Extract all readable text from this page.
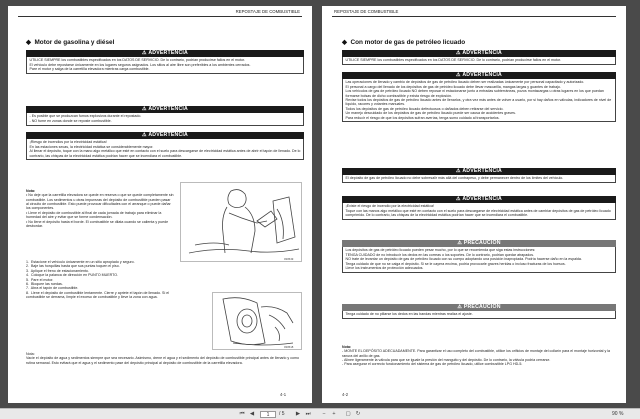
REPOSTAJE DE COMBUSTIBLE
◆  Motor de gasolina y diésel
⚠ ADVERTENCIA
UTILICE SIEMPRE los combustibles especificados en los DATOS DE SERVICIO. De lo contrario, podrían producirse fallos en el motor.
El vehículo debe repostarse únicamente en los lugares seguros asignados. Los sitios al aire libre son preferibles a los ambientes cerrados.
Pare el motor y salga de la carretilla elevadora mientras carga combustible.
⚠ ADVERTENCIA
- Es posible que se produzcan fumos explosivos durante el repostado.
- NO fume en zonas donde se reposte combustible.
⚠ ADVERTENCIA
¡Riesgo de incendios por la electricidad estática!
En las estaciones secas, la electricidad estática se considerablemente mayor.
Al llenar el depósito, toque con la mano algo metálico que esté en contacto con el suelo para descargarse de electricidad estática antes de abrir el tapón de llenado. De lo contrario, las chispas de la electricidad estática podrían hacer que se incendiara el combustible.

Nota:
• No deje que la carretilla elevadora se quede en reserva o que se quede completamente sin combustible. Los sedimentos u otras impurezas del depósito de combustible pueden pasar al circuito de combustible. Esto puede provocar dificultades con el arranque o puede dañar los componentes.
• Llene el depósito de combustible al final de cada jornada de trabajo para eliminar la humedad del aire y evitar que se forme condensación.
• No llene el depósito hasta el borde. El combustible se dilata cuando se calienta y puede desbordar.

1.  Estacione el vehículo únicamente en un sitio apropiado y seguro.
2.  Baje las horquillas hasta que sus puntas toquen el piso.
3.  Aplique el freno de estacionamiento.
4.  Coloque la palanca de dirección en PUNTO MUERTO.
5.  Pare el motor.
6.  Bloquee las ruedas.
7.  Abra el tapón de combustible.
8.  Llene el depósito de combustible lentamente. Cierre y apriete el tapón de llenado. Si el combustible se derrama, limpie el exceso de combustible y lleve la zona con agua.
030549
030518
Nota:
Vacíe el depósito de agua y sedimentos siempre que sea necesario. Asimismo, drene el agua y el sedimento del depósito de combustible principal antes de llenarlo y como rutina semanal. Esto evitará que el agua y el sedimento pase del depósito principal al depósito de combustible de la carretilla elevadora.
4-1
REPOSTAJE DE COMBUSTIBLE
◆  Con motor de gas de petróleo licuado
⚠ ADVERTENCIA
UTILICE SIEMPRE los combustibles especificados en los DATOS DE SERVICIO. De lo contrario, podrían producirse fallos en el motor.
⚠ ADVERTENCIA
Las operaciones de llenado y cambio de depósitos de gas de petróleo licuado deben ser realizadas únicamente por personal capacitado y autorizado.
El personal a cargo del llenado de los depósitos de gas de petróleo licuado debe llevar mascarilla, mangas largas y guantes de trabajo.
Los vehículos de gas de petróleo licuado NO deben reposar ni estacionarse junto a entradas subterráneas, pozos montacargas u otras lugares en los que puedan formarse bolsas de dicho combustible y exista riesgo de explosión.
Revise todos los depósitos de gas de petróleo licuado antes de llenarlos, y otra vez más antes de volver a usarlo, por si hay daños en válvulas, indicadores de nivel de líquido, racores y votantes manuales.
Todos los depósitos de gas de petróleo licuado defectuosos o dañados deben retirarse del servicio.
Un manejo descuidado de los depósitos de gas de petróleo licuado puede ser causa de accidentes graves.
Para reducir el riesgo de que los depósitos sufran averías, tenga sumo cuidado al transportarlos.
⚠ ADVERTENCIA
El depósito de gas de petróleo licuado no debe sobresalir más allá del contrapeso, y debe permanecer dentro de los límites del vehículo.
⚠ ADVERTENCIA
¡Existe el riesgo de incendio por la electricidad estática!
Toque con las manos algo metálico que esté en contacto con el suelo para descargarse de electricidad estática antes de cambiar depósitos de gas de petróleo licuado comprimido. De lo contrario, las chispas de la electricidad estática podrían hacer que se incendiara el combustible.
⚠ PRECAUCIÓN
Los depósitos de gas de petróleo licuado pueden pesar mucho, por lo que se recomienda que siga estas instrucciones:
TENGA CUIDADO de no introducir los dedos en las correas o los soportes. De lo contrario, podrían quedar atrapados.
NO trate de levantar un depósito de gas de petróleo licuado con su cuerpo adoptando una posición inapropiada. Podría hacerse daño en la espalda.
Tenga cuidado de que no se caiga el depósito. Si se le cayera encima, podría provocarle graves heridas o incluso fracturas de los huesos.
Lleve los instrumentos de protección adecuados.
⚠ PRECAUCIÓN
Tenga cuidado de no pillarse los dedos en las bandas mientras realiza el ajuste.

Nota:
- MONTE EL DEPÓSITO ADECUADAMENTE. Para garantizar el uso completo del combustible, utilice los orificios de montaje del collarín para el montaje horizontal y la ranura del anillo de gas.
- Alinee ligeramente la válvula para que se iguale la presión del manguito y del depósito. De lo contrario, la válvula podría cerrarse.
- Para asegurar el correcto funcionamiento del sistema de gas de petróleo licuado, utilice combustible LPG HD-5.

4-2
⏮	◀	1	/ 5	▶	⏭	−	+	▢ ↻	90 %
